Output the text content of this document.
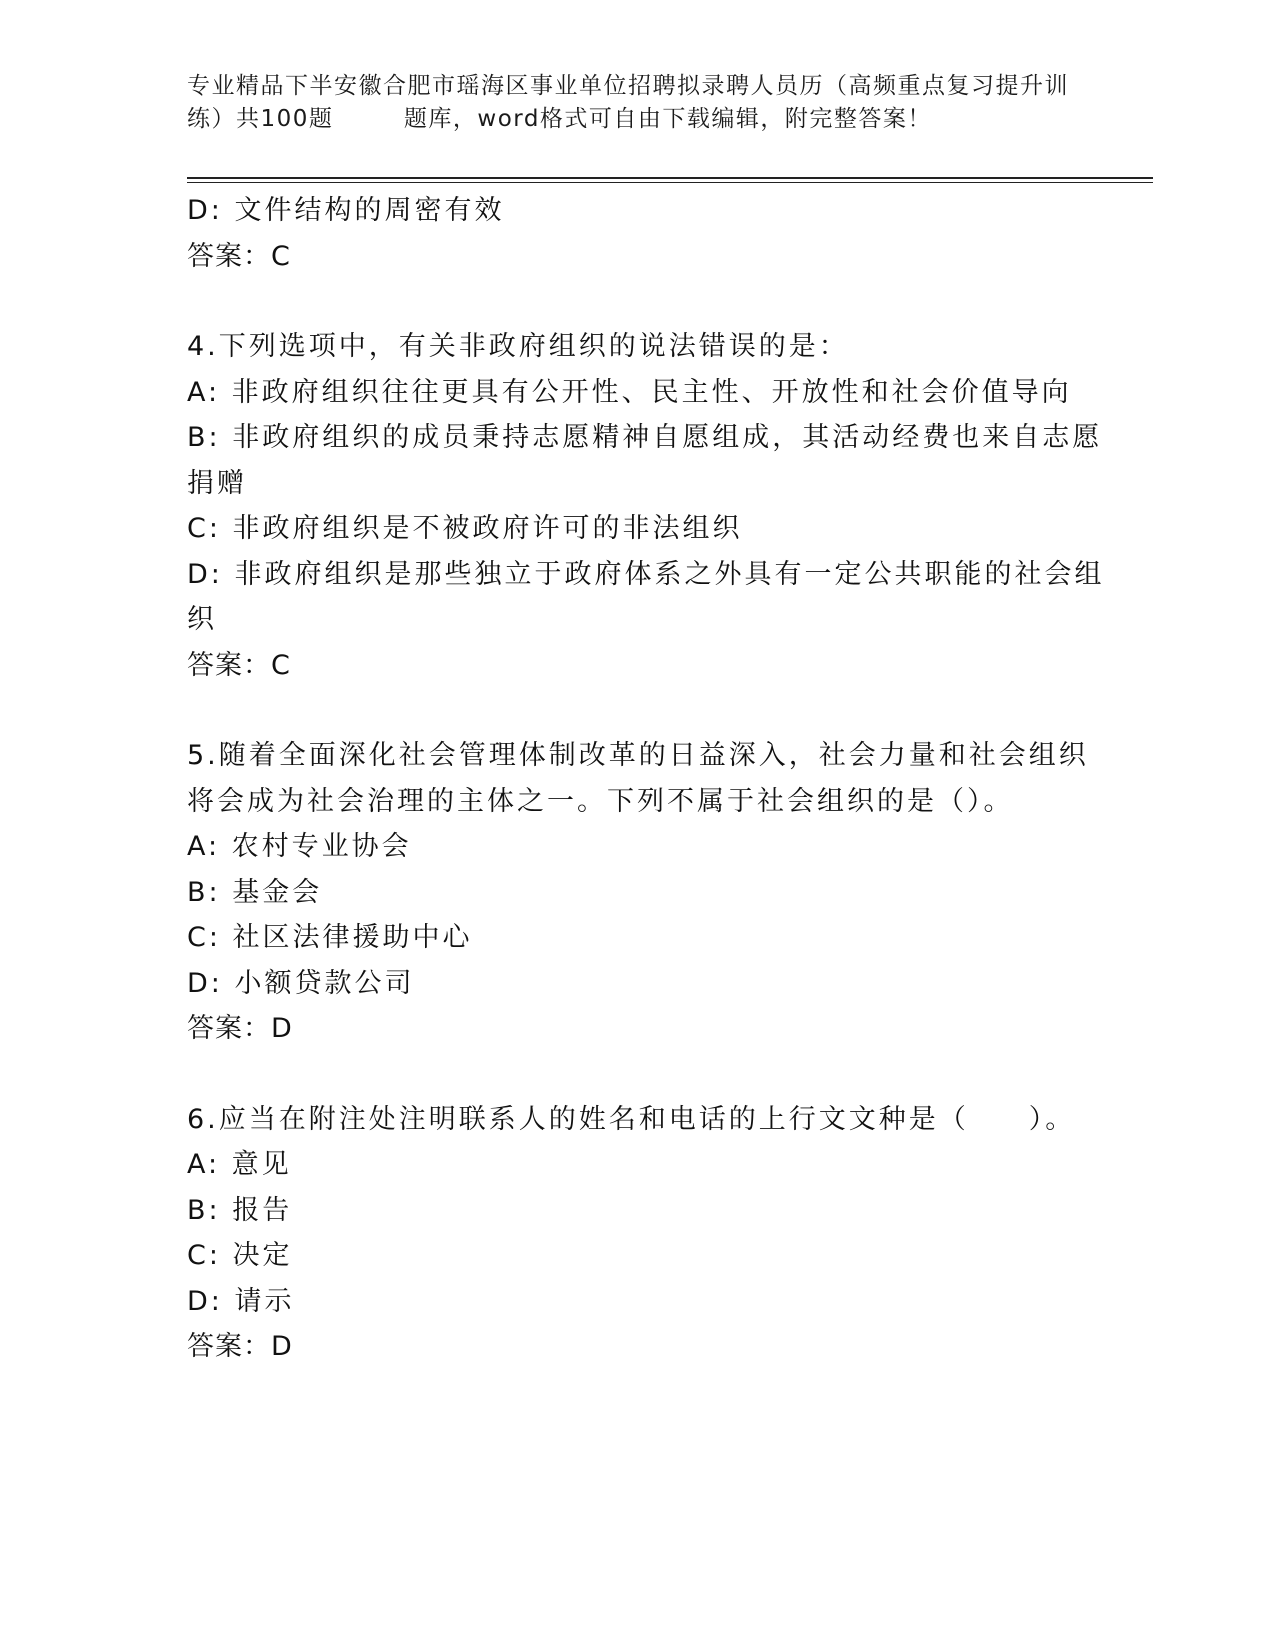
专业精品下半安徽合肥市瑶海区事业单位招聘拟录聘人员历（高频重点复习提升训
练）共100题        题库，word格式可自由下载编辑，附完整答案！
D: 文件结构的周密有效
答案：C
4.下列选项中，有关非政府组织的说法错误的是：
A: 非政府组织往往更具有公开性、民主性、开放性和社会价值导向
B: 非政府组织的成员秉持志愿精神自愿组成，其活动经费也来自志愿
捐赠
C: 非政府组织是不被政府许可的非法组织
D: 非政府组织是那些独立于政府体系之外具有一定公共职能的社会组
织
答案：C
5.随着全面深化社会管理体制改革的日益深入，社会力量和社会组织
将会成为社会治理的主体之一。下列不属于社会组织的是（）。
A: 农村专业协会
B: 基金会
C: 社区法律援助中心
D: 小额贷款公司
答案：D
6.应当在附注处注明联系人的姓名和电话的上行文文种是（　　）。
A: 意见
B: 报告
C: 决定
D: 请示
答案：D
